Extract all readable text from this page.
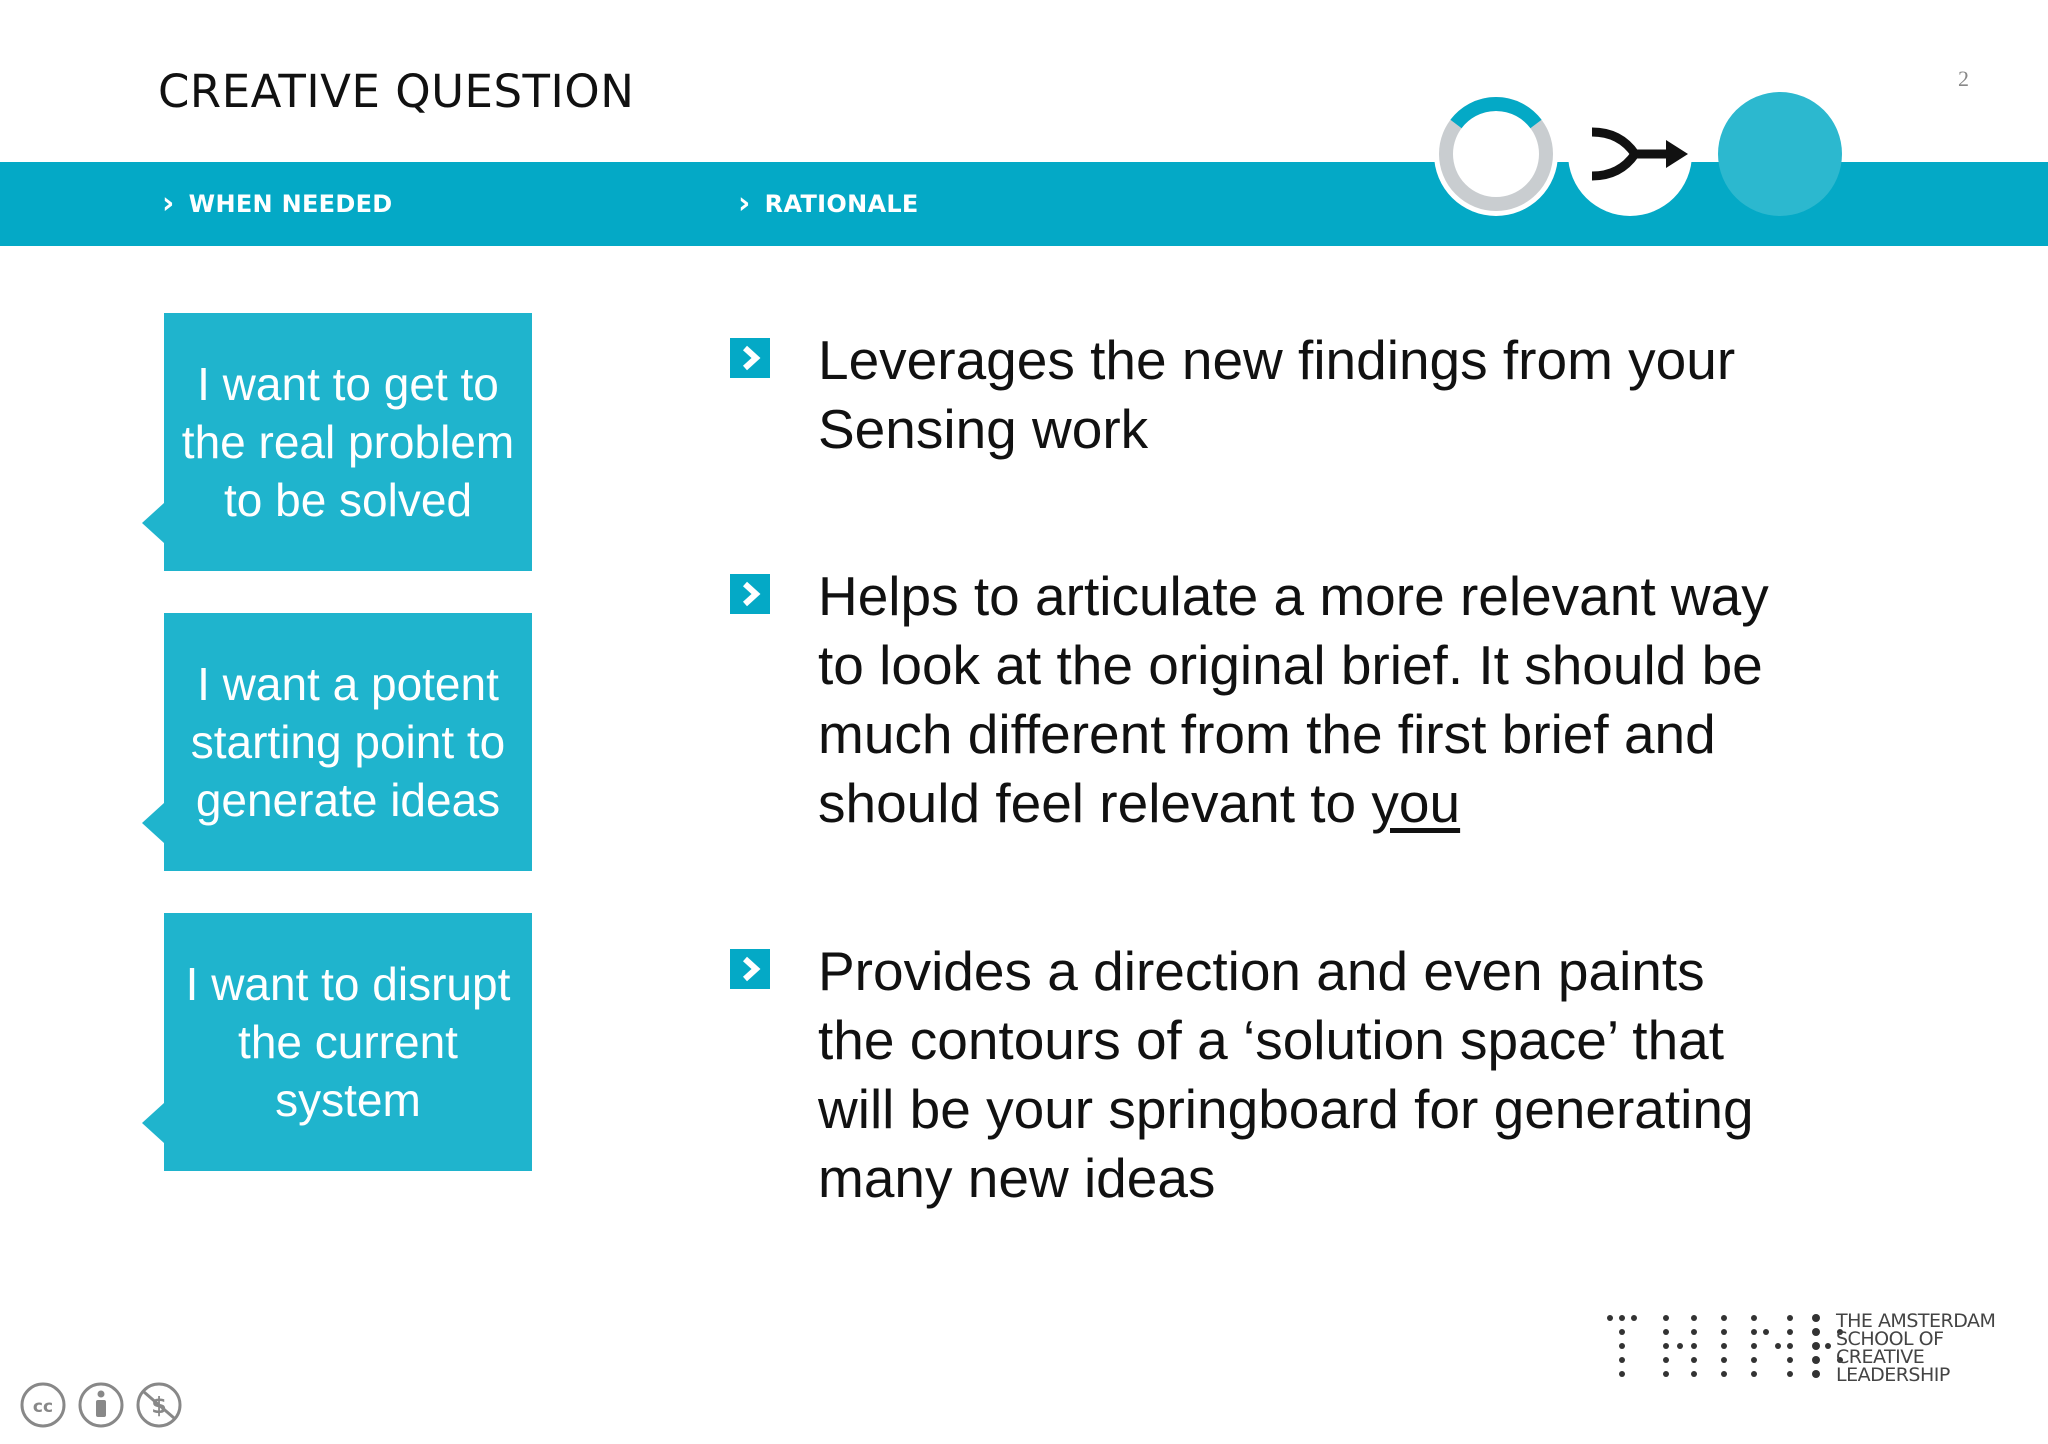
CREATIVE QUESTION	2
› WHEN NEEDED	› RATIONALE
I want to get to
the real problem
to be solved
I want a potent
starting point to
generate ideas
I want to disrupt
the current
system
Leverages the new findings from your
Sensing work
Helps to articulate a more relevant way
to look at the original brief. It should be
much different from the first brief and
should feel relevant to you
Provides a direction and even paints
the contours of a ‘solution space’ that
will be your springboard for generating
many new ideas
THE AMSTERDAM
SCHOOL OF
CREATIVE
LEADERSHIP
cc	$
